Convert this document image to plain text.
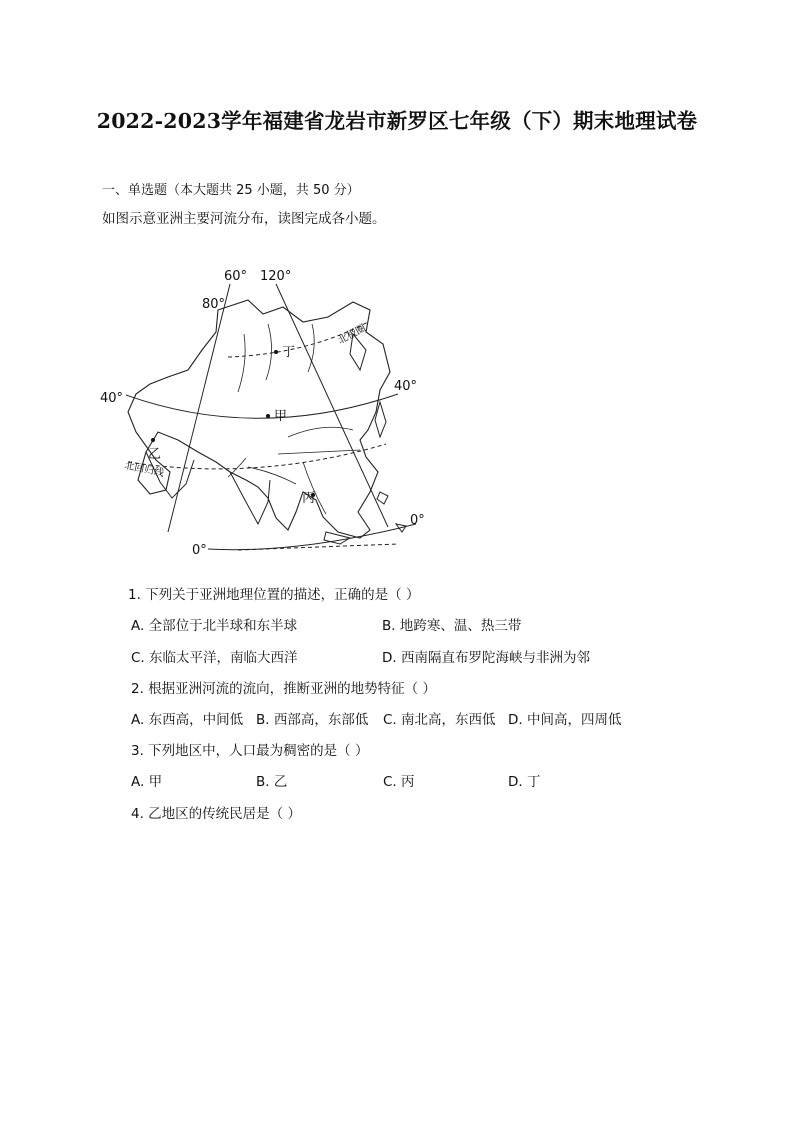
2022-2023学年福建省龙岩市新罗区七年级（下）期末地理试卷
一、单选题（本大题共 25 小题，共 50 分）
如图示意亚洲主要河流分布，读图完成各小题。
60° 120°
80°
40°
40°
0°
0°
丁
甲
乙
丙
北极圈
北回归线
1. 下列关于亚洲地理位置的描述，正确的是（ ）
A. 全部位于北半球和东半球	B. 地跨寒、温、热三带
C. 东临太平洋，南临大西洋	D. 西南隔直布罗陀海峡与非洲为邻
2. 根据亚洲河流的流向，推断亚洲的地势特征（ ）
A. 东西高，中间低 B. 西部高，东部低 C. 南北高，东西低 D. 中间高，四周低
3. 下列地区中，人口最为稠密的是（ ）
A. 甲	B. 乙	C. 丙	D. 丁
4. 乙地区的传统民居是（ ）
